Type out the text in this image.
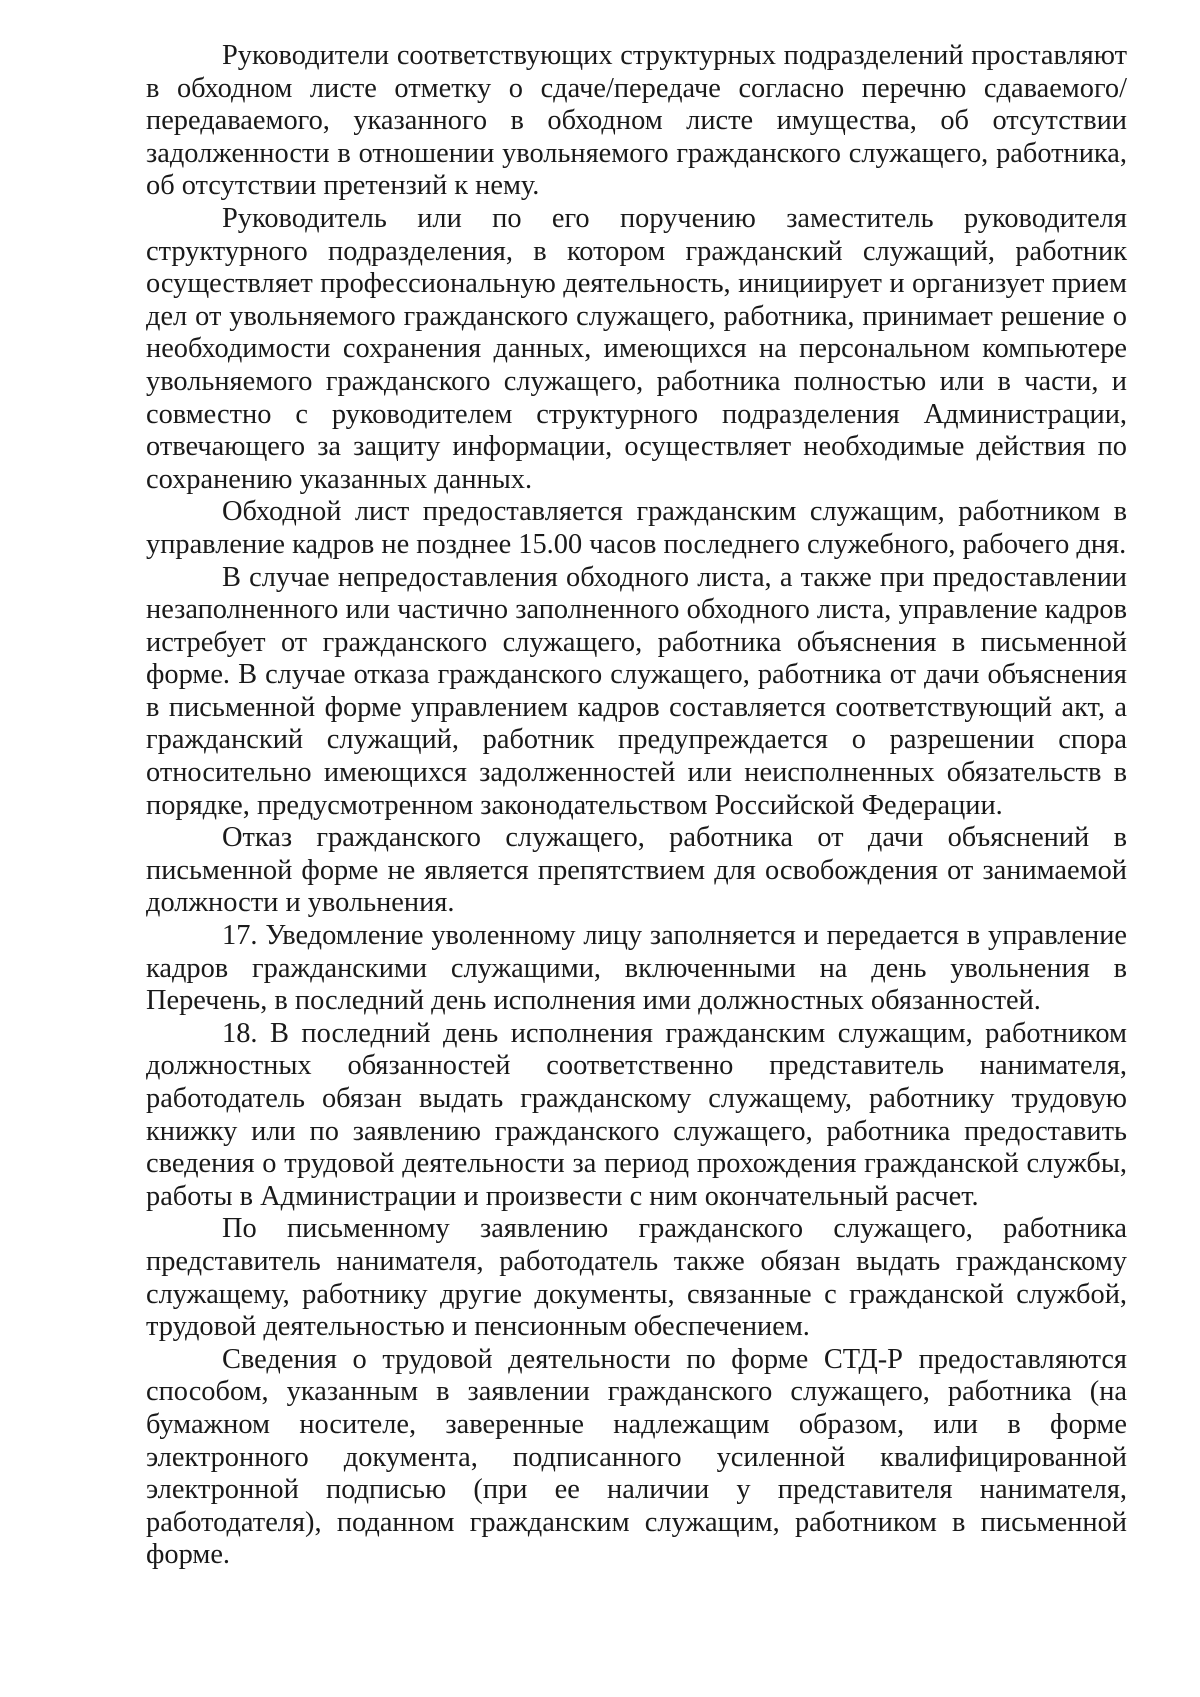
Руководители соответствующих структурных подразделений проставляют в обходном листе отметку о сдаче/передаче согласно перечню сдаваемого/передаваемого, указанного в обходном листе имущества, об отсутствии задолженности в отношении увольняемого гражданского служащего, работника, об отсутствии претензий к нему.

Руководитель или по его поручению заместитель руководителя структурного подразделения, в котором гражданский служащий, работник осуществляет профессиональную деятельность, инициирует и организует прием дел от увольняемого гражданского служащего, работника, принимает решение о необходимости сохранения данных, имеющихся на персональном компьютере увольняемого гражданского служащего, работника полностью или в части, и совместно с руководителем структурного подразделения Администрации, отвечающего за защиту информации, осуществляет необходимые действия по сохранению указанных данных.

Обходной лист предоставляется гражданским служащим, работником в управление кадров не позднее 15.00 часов последнего служебного, рабочего дня.

В случае непредоставления обходного листа, а также при предоставлении незаполненного или частично заполненного обходного листа, управление кадров истребует от гражданского служащего, работника объяснения в письменной форме. В случае отказа гражданского служащего, работника от дачи объяснения в письменной форме управлением кадров составляется соответствующий акт, а гражданский служащий, работник предупреждается о разрешении спора относительно имеющихся задолженностей или неисполненных обязательств в порядке, предусмотренном законодательством Российской Федерации.

Отказ гражданского служащего, работника от дачи объяснений в письменной форме не является препятствием для освобождения от занимаемой должности и увольнения.

17. Уведомление уволенному лицу заполняется и передается в управление кадров гражданскими служащими, включенными на день увольнения в Перечень, в последний день исполнения ими должностных обязанностей.

18. В последний день исполнения гражданским служащим, работником должностных обязанностей соответственно представитель нанимателя, работодатель обязан выдать гражданскому служащему, работнику трудовую книжку или по заявлению гражданского служащего, работника предоставить сведения о трудовой деятельности за период прохождения гражданской службы, работы в Администрации и произвести с ним окончательный расчет.

По письменному заявлению гражданского служащего, работника представитель нанимателя, работодатель также обязан выдать гражданскому служащему, работнику другие документы, связанные с гражданской службой, трудовой деятельностью и пенсионным обеспечением.

Сведения о трудовой деятельности по форме СТД-Р предоставляются способом, указанным в заявлении гражданского служащего, работника (на бумажном носителе, заверенные надлежащим образом, или в форме электронного документа, подписанного усиленной квалифицированной электронной подписью (при ее наличии у представителя нанимателя, работодателя), поданном гражданским служащим, работником в письменной форме.
